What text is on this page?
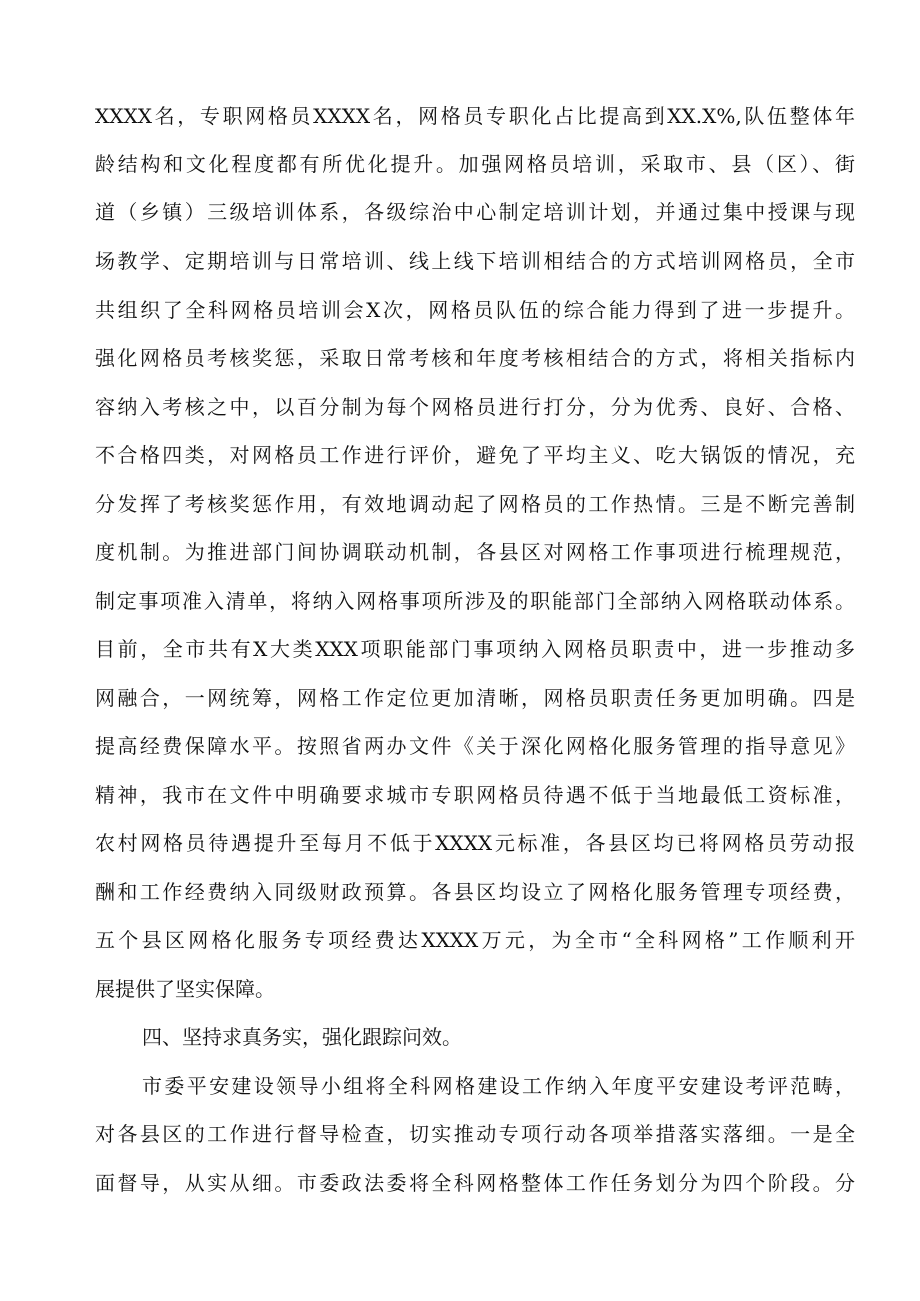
XXXX名，专职网格员XXXX名，网格员专职化占比提高到XX.X%,队伍整体年
龄结构和文化程度都有所优化提升。加强网格员培训，采取市、县（区）、街
道（乡镇）三级培训体系，各级综治中心制定培训计划，并通过集中授课与现
场教学、定期培训与日常培训、线上线下培训相结合的方式培训网格员，全市
共组织了全科网格员培训会X次，网格员队伍的综合能力得到了进一步提升。
强化网格员考核奖惩，采取日常考核和年度考核相结合的方式，将相关指标内
容纳入考核之中，以百分制为每个网格员进行打分，分为优秀、良好、合格、
不合格四类，对网格员工作进行评价，避免了平均主义、吃大锅饭的情况，充
分发挥了考核奖惩作用，有效地调动起了网格员的工作热情。三是不断完善制
度机制。为推进部门间协调联动机制，各县区对网格工作事项进行梳理规范，
制定事项准入清单，将纳入网格事项所涉及的职能部门全部纳入网格联动体系。
目前，全市共有X大类XXX项职能部门事项纳入网格员职责中，进一步推动多
网融合，一网统筹，网格工作定位更加清晰，网格员职责任务更加明确。四是
提高经费保障水平。按照省两办文件《关于深化网格化服务管理的指导意见》
精神，我市在文件中明确要求城市专职网格员待遇不低于当地最低工资标准，
农村网格员待遇提升至每月不低于XXXX元标准，各县区均已将网格员劳动报
酬和工作经费纳入同级财政预算。各县区均设立了网格化服务管理专项经费，
五个县区网格化服务专项经费达XXXX万元，为全市“全科网格”工作顺利开
展提供了坚实保障。
四、坚持求真务实，强化跟踪问效。
市委平安建设领导小组将全科网格建设工作纳入年度平安建设考评范畴，
对各县区的工作进行督导检查，切实推动专项行动各项举措落实落细。一是全
面督导，从实从细。市委政法委将全科网格整体工作任务划分为四个阶段。分
